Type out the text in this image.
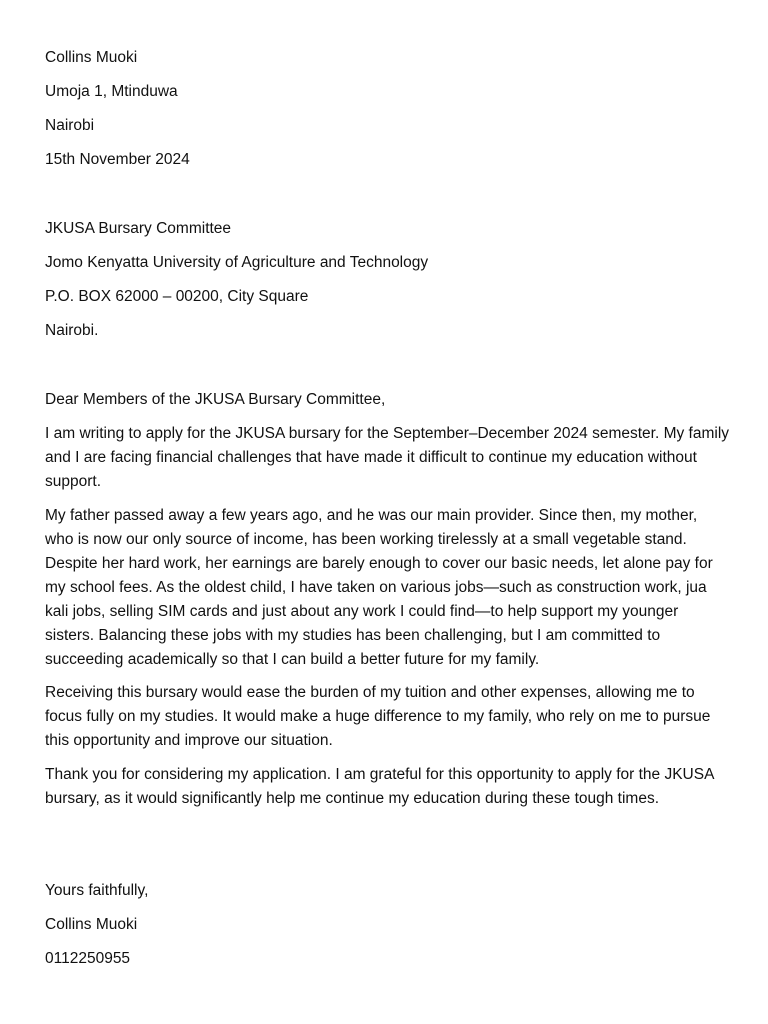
Collins Muoki
Umoja 1, Mtinduwa
Nairobi
15th November 2024
JKUSA Bursary Committee
Jomo Kenyatta University of Agriculture and Technology
P.O. BOX 62000 – 00200, City Square
Nairobi.
Dear Members of the JKUSA Bursary Committee,
I am writing to apply for the JKUSA bursary for the September–December 2024 semester. My family and I are facing financial challenges that have made it difficult to continue my education without support.
My father passed away a few years ago, and he was our main provider. Since then, my mother, who is now our only source of income, has been working tirelessly at a small vegetable stand. Despite her hard work, her earnings are barely enough to cover our basic needs, let alone pay for my school fees. As the oldest child, I have taken on various jobs—such as construction work, jua kali jobs, selling SIM cards and just about any work I could find—to help support my younger sisters. Balancing these jobs with my studies has been challenging, but I am committed to succeeding academically so that I can build a better future for my family.
Receiving this bursary would ease the burden of my tuition and other expenses, allowing me to focus fully on my studies. It would make a huge difference to my family, who rely on me to pursue this opportunity and improve our situation.
Thank you for considering my application. I am grateful for this opportunity to apply for the JKUSA bursary, as it would significantly help me continue my education during these tough times.
Yours faithfully,
Collins Muoki
0112250955
